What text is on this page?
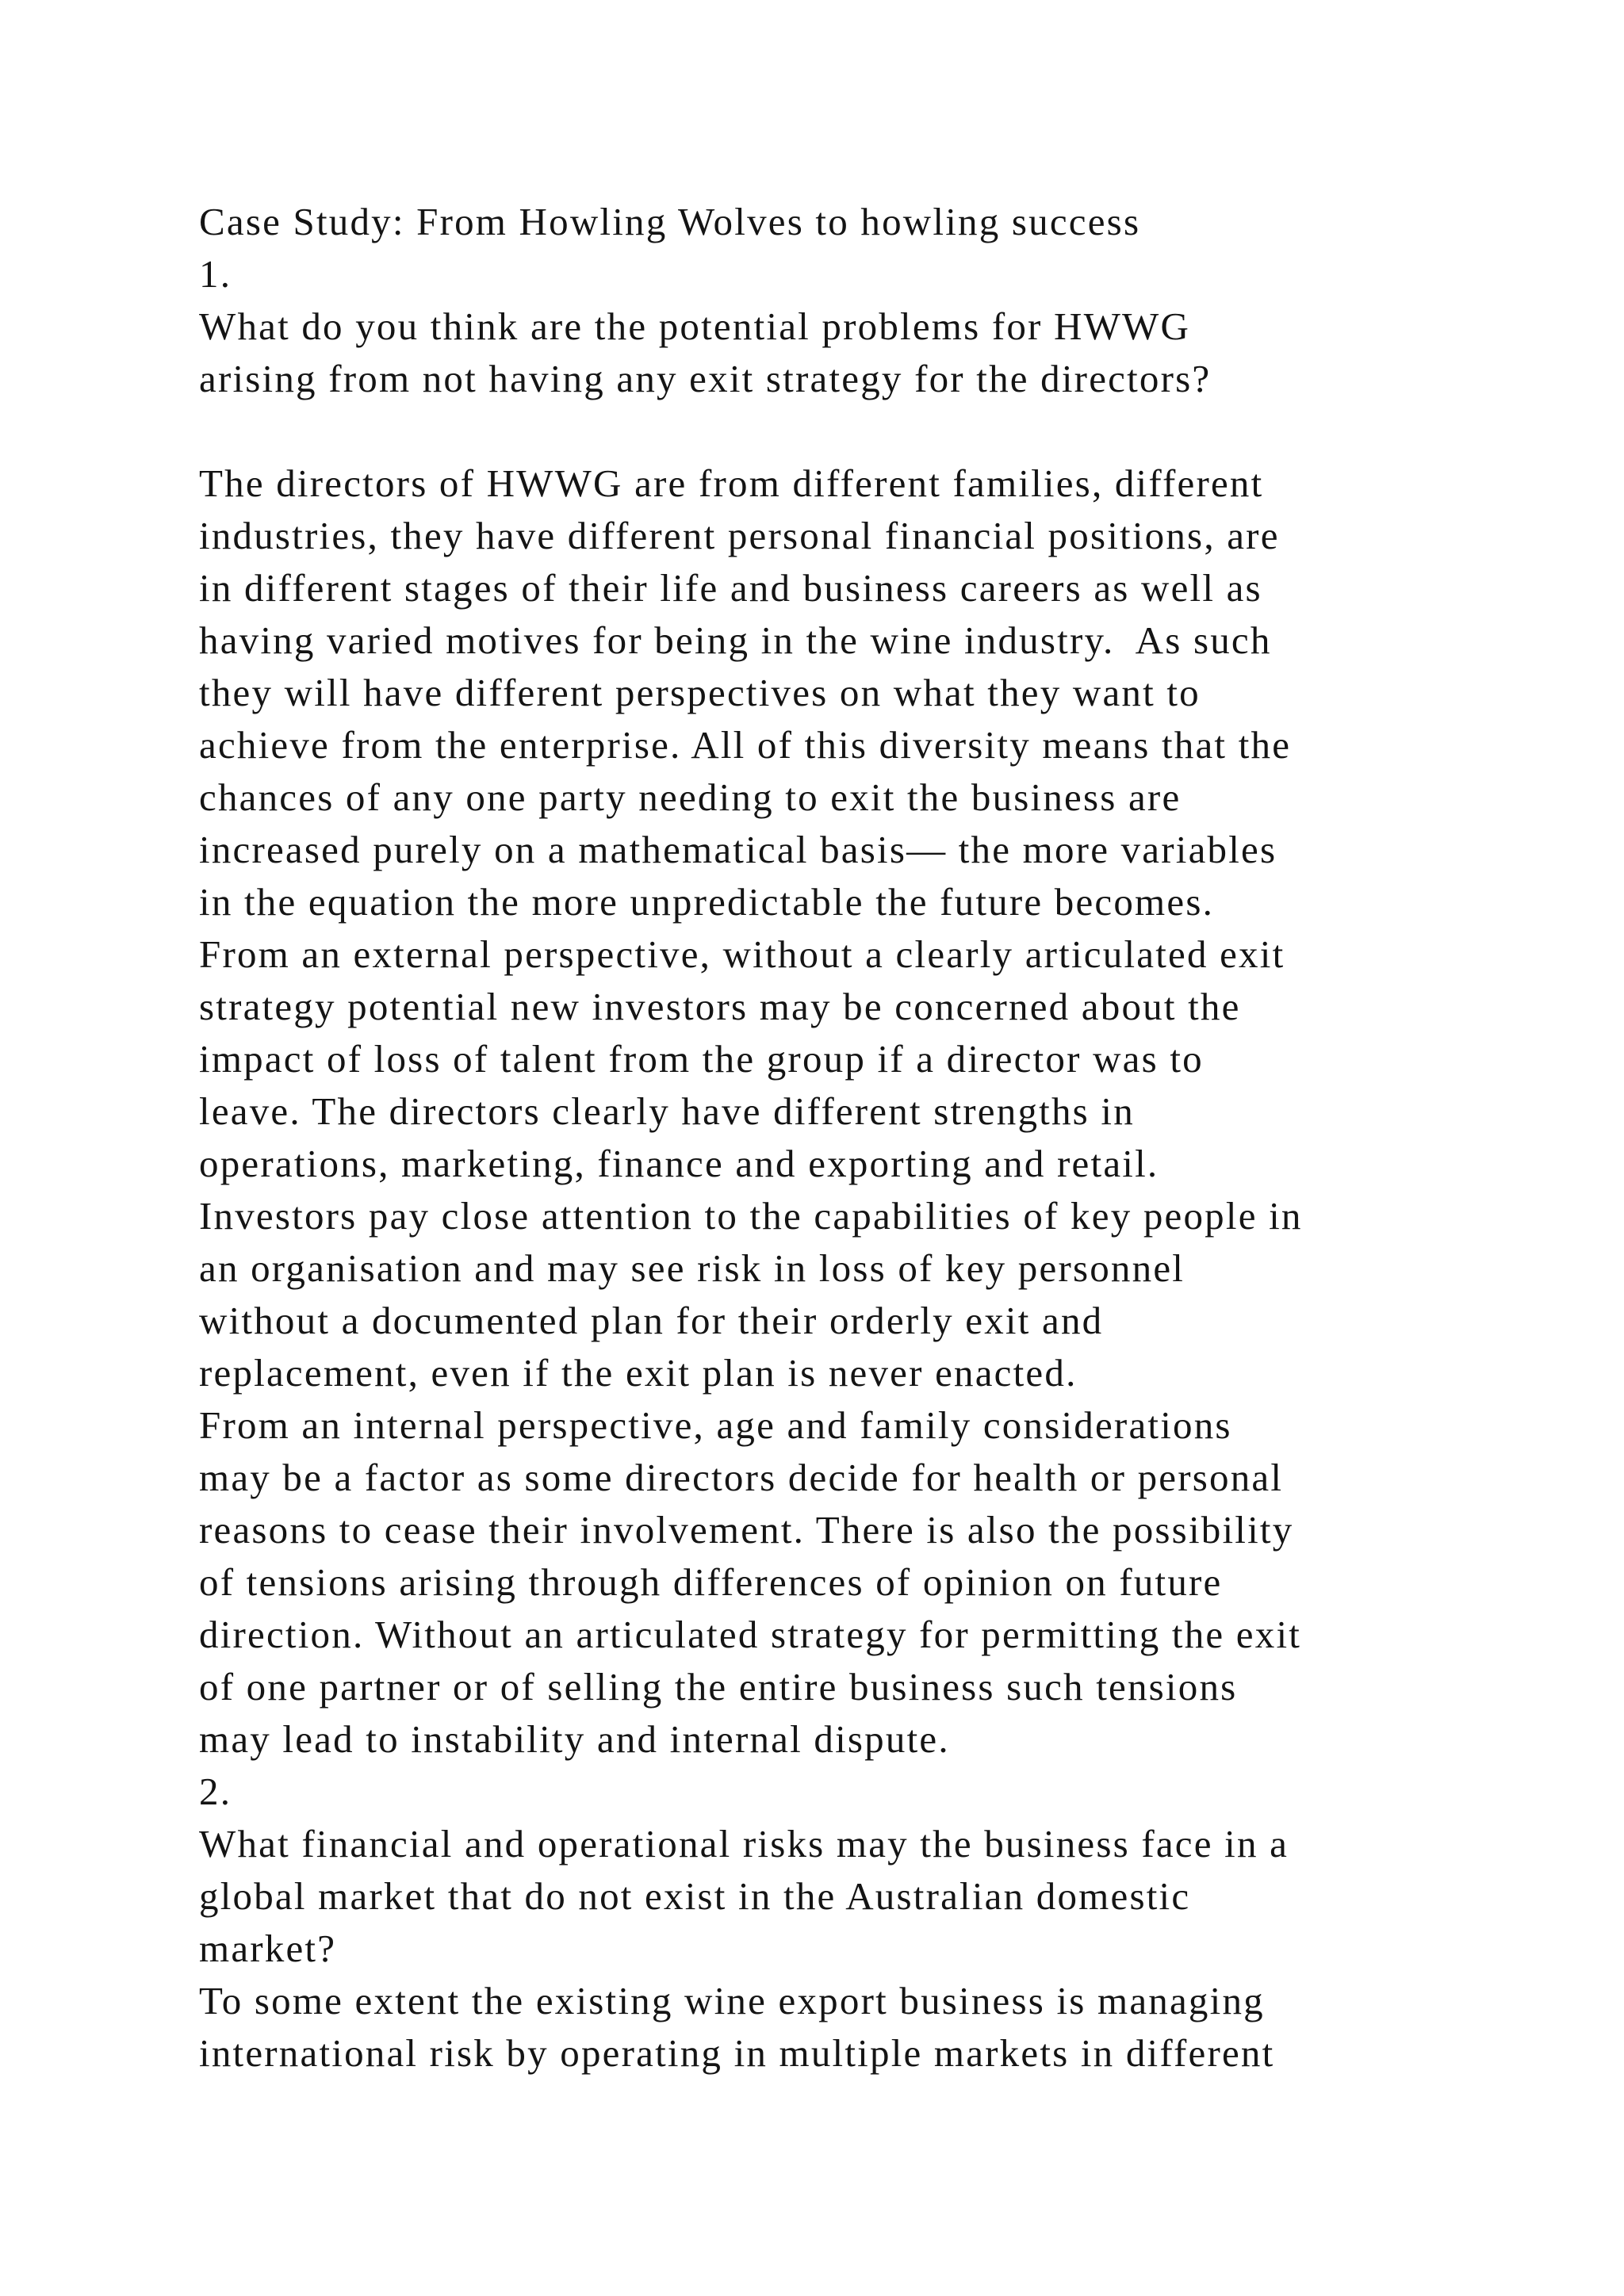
Case Study: From Howling Wolves to howling success
1.
What do you think are the potential problems for HWWG
arising from not having any exit strategy for the directors?
The directors of HWWG are from different families, different
industries, they have different personal financial positions, are
in different stages of their life and business careers as well as
having varied motives for being in the wine industry.  As such
they will have different perspectives on what they want to
achieve from the enterprise. All of this diversity means that the
chances of any one party needing to exit the business are
increased purely on a mathematical basis— the more variables
in the equation the more unpredictable the future becomes.
From an external perspective, without a clearly articulated exit
strategy potential new investors may be concerned about the
impact of loss of talent from the group if a director was to
leave. The directors clearly have different strengths in
operations, marketing, finance and exporting and retail.
Investors pay close attention to the capabilities of key people in
an organisation and may see risk in loss of key personnel
without a documented plan for their orderly exit and
replacement, even if the exit plan is never enacted.
From an internal perspective, age and family considerations
may be a factor as some directors decide for health or personal
reasons to cease their involvement. There is also the possibility
of tensions arising through differences of opinion on future
direction. Without an articulated strategy for permitting the exit
of one partner or of selling the entire business such tensions
may lead to instability and internal dispute.
2.
What financial and operational risks may the business face in a
global market that do not exist in the Australian domestic
market?
To some extent the existing wine export business is managing
international risk by operating in multiple markets in different
